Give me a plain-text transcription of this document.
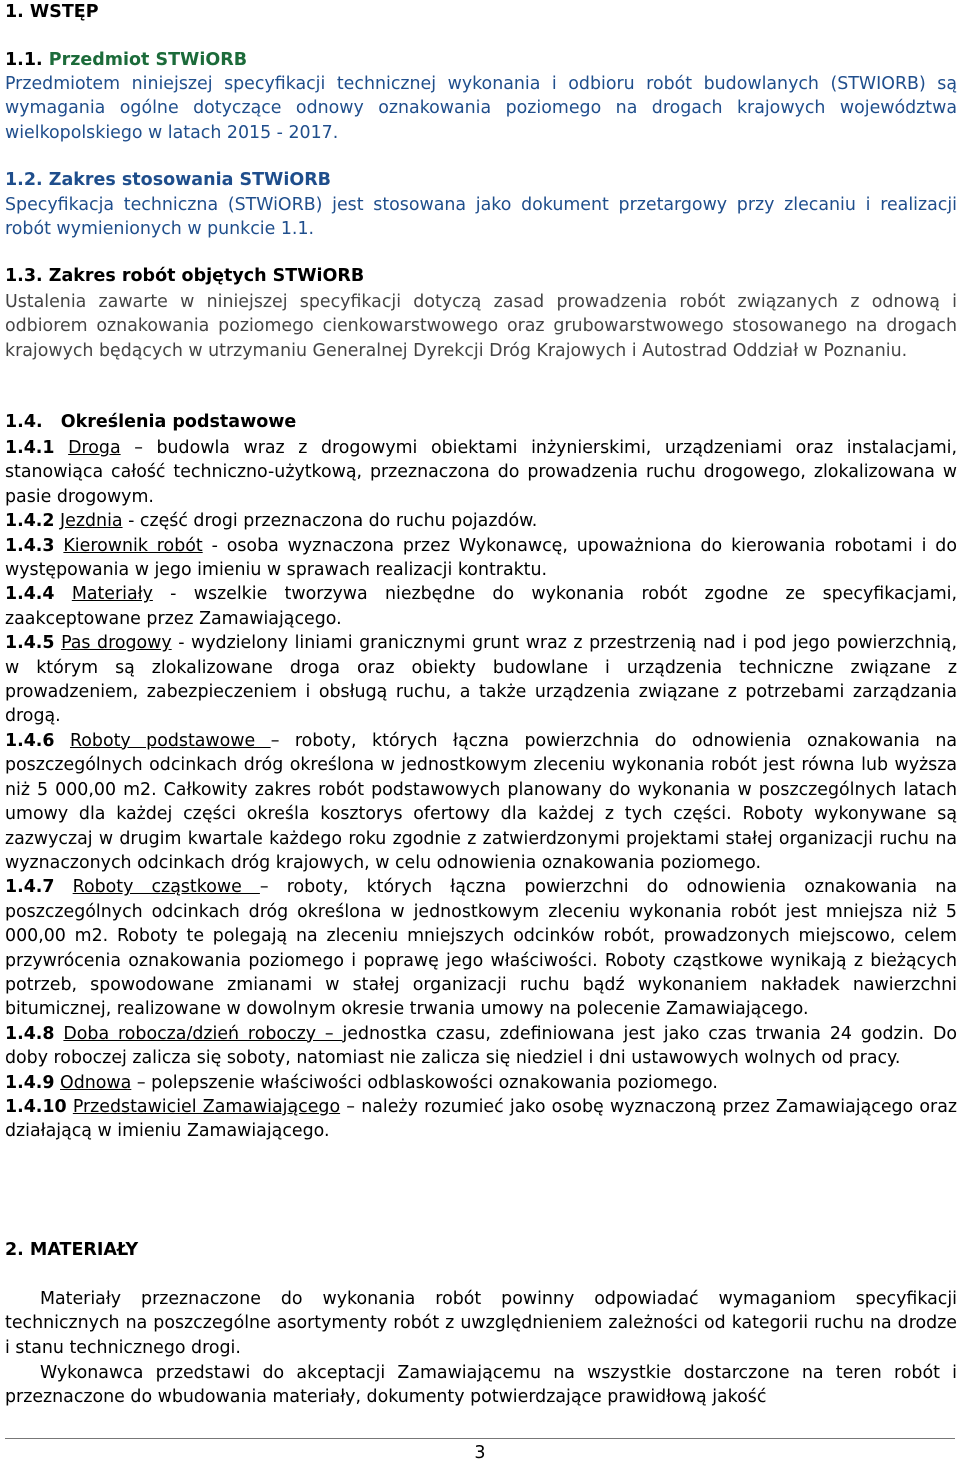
1. WSTĘP
1.1. Przedmiot STWiORB
Przedmiotem niniejszej specyfikacji technicznej wykonania i odbioru robót budowlanych (STWIORB) są wymagania ogólne dotyczące odnowy oznakowania poziomego na drogach krajowych województwa wielkopolskiego w latach 2015 - 2017.
1.2. Zakres stosowania STWiORB
Specyfikacja techniczna (STWiORB) jest stosowana jako dokument przetargowy przy zlecaniu i realizacji robót wymienionych w punkcie 1.1.
1.3. Zakres robót objętych STWiORB
Ustalenia zawarte w niniejszej specyfikacji dotyczą zasad prowadzenia robót związanych z odnową i odbiorem oznakowania poziomego cienkowarstwowego oraz grubowarstwowego stosowanego na drogach krajowych będących w utrzymaniu Generalnej Dyrekcji Dróg Krajowych i Autostrad Oddział w Poznaniu.
1.4. Określenia podstawowe
1.4.1 Droga – budowla wraz z drogowymi obiektami inżynierskimi, urządzeniami oraz instalacjami, stanowiąca całość techniczno-użytkową, przeznaczona do prowadzenia ruchu drogowego, zlokalizowana w pasie drogowym.
1.4.2 Jezdnia - część drogi przeznaczona do ruchu pojazdów.
1.4.3 Kierownik robót - osoba wyznaczona przez Wykonawcę, upoważniona do kierowania robotami i do występowania w jego imieniu w sprawach realizacji kontraktu.
1.4.4 Materiały - wszelkie tworzywa niezbędne do wykonania robót zgodne ze specyfikacjami, zaakceptowane przez Zamawiającego.
1.4.5 Pas drogowy - wydzielony liniami granicznymi grunt wraz z przestrzenią nad i pod jego powierzchnią, w którym są zlokalizowane droga oraz obiekty budowlane i urządzenia techniczne związane z prowadzeniem, zabezpieczeniem i obsługą ruchu, a także urządzenia związane z potrzebami zarządzania drogą.
1.4.6 Roboty podstawowe – roboty, których łączna powierzchnia do odnowienia oznakowania na poszczególnych odcinkach dróg określona w jednostkowym zleceniu wykonania robót jest równa lub wyższa niż 5 000,00 m2. Całkowity zakres robót podstawowych planowany do wykonania w poszczególnych latach umowy dla każdej części określa kosztorys ofertowy dla każdej z tych części. Roboty wykonywane są zazwyczaj w drugim kwartale każdego roku zgodnie z zatwierdzonymi projektami stałej organizacji ruchu na wyznaczonych odcinkach dróg krajowych, w celu odnowienia oznakowania poziomego.
1.4.7 Roboty cząstkowe – roboty, których łączna powierzchni do odnowienia oznakowania na poszczególnych odcinkach dróg określona w jednostkowym zleceniu wykonania robót jest mniejsza niż 5 000,00 m2. Roboty te polegają na zleceniu mniejszych odcinków robót, prowadzonych miejscowo, celem przywrócenia oznakowania poziomego i poprawę jego właściwości. Roboty cząstkowe wynikają z bieżących potrzeb, spowodowane zmianami w stałej organizacji ruchu bądź wykonaniem nakładek nawierzchni bitumicznej, realizowane w dowolnym okresie trwania umowy na polecenie Zamawiającego.
1.4.8 Doba robocza/dzień roboczy – jednostka czasu, zdefiniowana jest jako czas trwania 24 godzin. Do doby roboczej zalicza się soboty, natomiast nie zalicza się niedziel i dni ustawowych wolnych od pracy.
1.4.9 Odnowa – polepszenie właściwości odblaskowości oznakowania poziomego.
1.4.10 Przedstawiciel Zamawiającego – należy rozumieć jako osobę wyznaczoną przez Zamawiającego oraz działającą w imieniu Zamawiającego.
2. MATERIAŁY
Materiały przeznaczone do wykonania robót powinny odpowiadać wymaganiom specyfikacji technicznych na poszczególne asortymenty robót z uwzględnieniem zależności od kategorii ruchu na drodze i stanu technicznego drogi.
Wykonawca przedstawi do akceptacji Zamawiającemu na wszystkie dostarczone na teren robót i przeznaczone do wbudowania materiały, dokumenty potwierdzające prawidłową jakość
3
